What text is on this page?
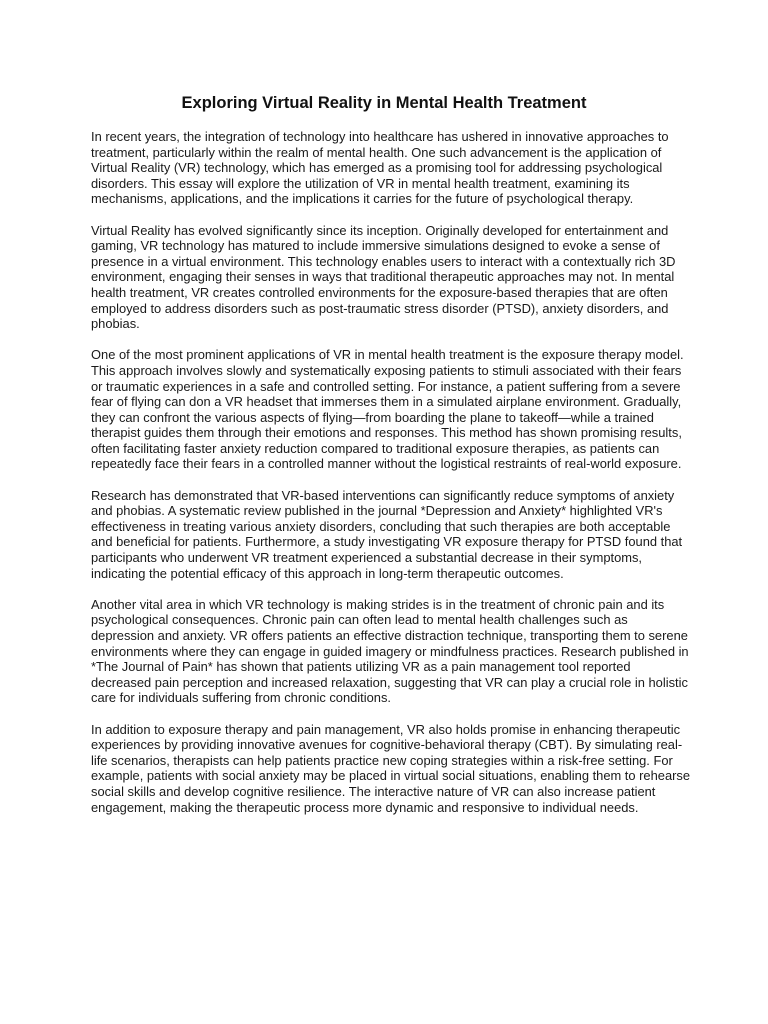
Exploring Virtual Reality in Mental Health Treatment

In recent years, the integration of technology into healthcare has ushered in innovative approaches to treatment, particularly within the realm of mental health. One such advancement is the application of Virtual Reality (VR) technology, which has emerged as a promising tool for addressing psychological disorders. This essay will explore the utilization of VR in mental health treatment, examining its mechanisms, applications, and the implications it carries for the future of psychological therapy.

Virtual Reality has evolved significantly since its inception. Originally developed for entertainment and gaming, VR technology has matured to include immersive simulations designed to evoke a sense of presence in a virtual environment. This technology enables users to interact with a contextually rich 3D environment, engaging their senses in ways that traditional therapeutic approaches may not. In mental health treatment, VR creates controlled environments for the exposure-based therapies that are often employed to address disorders such as post-traumatic stress disorder (PTSD), anxiety disorders, and phobias.

One of the most prominent applications of VR in mental health treatment is the exposure therapy model. This approach involves slowly and systematically exposing patients to stimuli associated with their fears or traumatic experiences in a safe and controlled setting. For instance, a patient suffering from a severe fear of flying can don a VR headset that immerses them in a simulated airplane environment. Gradually, they can confront the various aspects of flying—from boarding the plane to takeoff—while a trained therapist guides them through their emotions and responses. This method has shown promising results, often facilitating faster anxiety reduction compared to traditional exposure therapies, as patients can repeatedly face their fears in a controlled manner without the logistical restraints of real-world exposure.

Research has demonstrated that VR-based interventions can significantly reduce symptoms of anxiety and phobias. A systematic review published in the journal *Depression and Anxiety* highlighted VR's effectiveness in treating various anxiety disorders, concluding that such therapies are both acceptable and beneficial for patients. Furthermore, a study investigating VR exposure therapy for PTSD found that participants who underwent VR treatment experienced a substantial decrease in their symptoms, indicating the potential efficacy of this approach in long-term therapeutic outcomes.

Another vital area in which VR technology is making strides is in the treatment of chronic pain and its psychological consequences. Chronic pain can often lead to mental health challenges such as depression and anxiety. VR offers patients an effective distraction technique, transporting them to serene environments where they can engage in guided imagery or mindfulness practices. Research published in *The Journal of Pain* has shown that patients utilizing VR as a pain management tool reported decreased pain perception and increased relaxation, suggesting that VR can play a crucial role in holistic care for individuals suffering from chronic conditions.

In addition to exposure therapy and pain management, VR also holds promise in enhancing therapeutic experiences by providing innovative avenues for cognitive-behavioral therapy (CBT). By simulating real-life scenarios, therapists can help patients practice new coping strategies within a risk-free setting. For example, patients with social anxiety may be placed in virtual social situations, enabling them to rehearse social skills and develop cognitive resilience. The interactive nature of VR can also increase patient engagement, making the therapeutic process more dynamic and responsive to individual needs.
